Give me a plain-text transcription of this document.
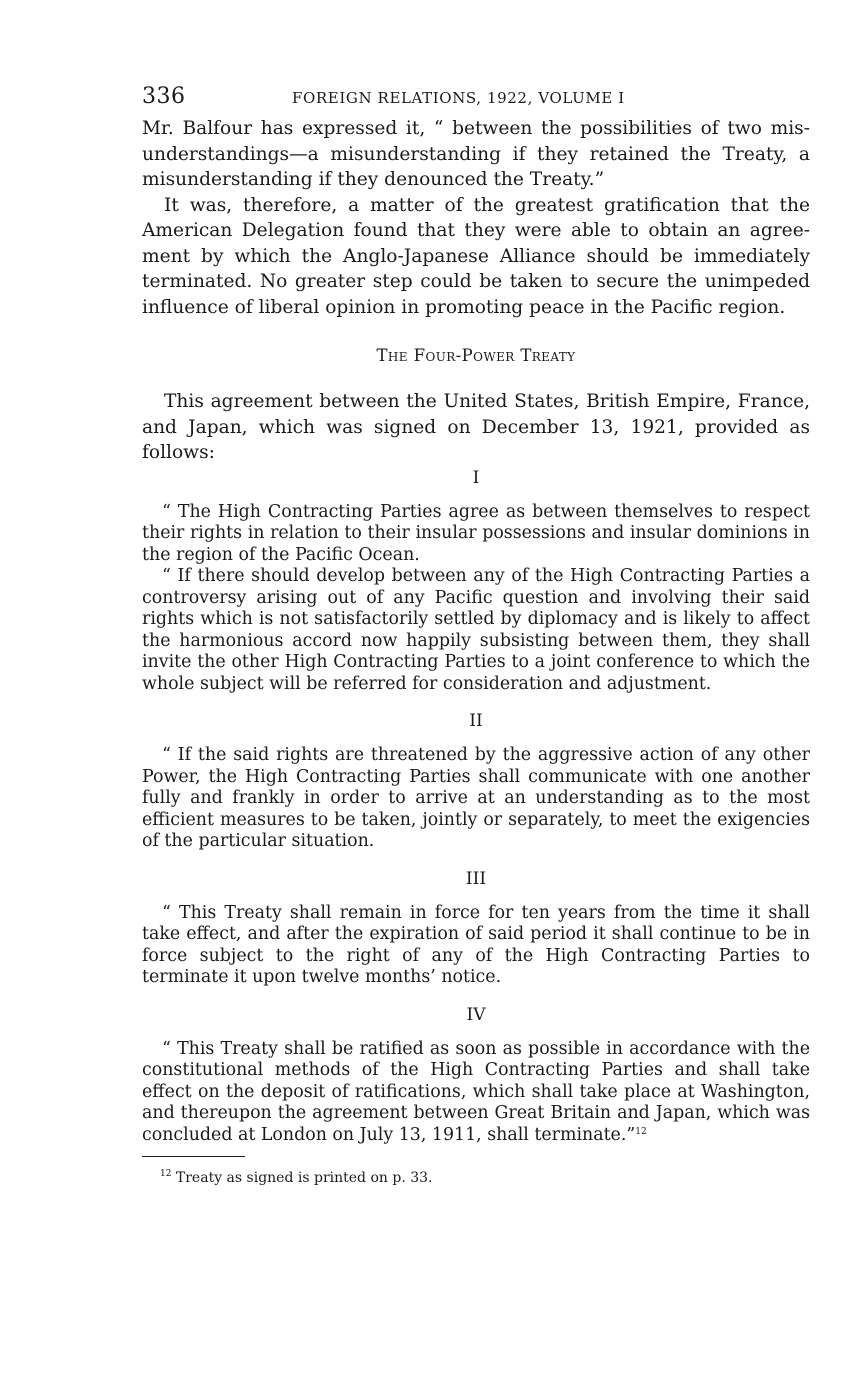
336	FOREIGN RELATIONS, 1922, VOLUME I

Mr. Balfour has expressed it, “ between the possibilities of two misunderstandings—a misunderstanding if they retained the Treaty, a misunderstanding if they denounced the Treaty.”

It was, therefore, a matter of the greatest gratification that the American Delegation found that they were able to obtain an agreement by which the Anglo-Japanese Alliance should be immediately terminated. No greater step could be taken to secure the unimpeded influence of liberal opinion in promoting peace in the Pacific region.

The Four-Power Treaty

This agreement between the United States, British Empire, France, and Japan, which was signed on December 13, 1921, provided as follows:

I

“ The High Contracting Parties agree as between themselves to respect their rights in relation to their insular possessions and insular dominions in the region of the Pacific Ocean.

“ If there should develop between any of the High Contracting Parties a controversy arising out of any Pacific question and involving their said rights which is not satisfactorily settled by diplomacy and is likely to affect the harmonious accord now happily subsisting between them, they shall invite the other High Contracting Parties to a joint conference to which the whole subject will be referred for consideration and adjustment.

II

“ If the said rights are threatened by the aggressive action of any other Power, the High Contracting Parties shall communicate with one another fully and frankly in order to arrive at an understanding as to the most efficient measures to be taken, jointly or separately, to meet the exigencies of the particular situation.

III

“ This Treaty shall remain in force for ten years from the time it shall take effect, and after the expiration of said period it shall continue to be in force subject to the right of any of the High Contracting Parties to terminate it upon twelve months’ notice.

IV

“ This Treaty shall be ratified as soon as possible in accordance with the constitutional methods of the High Contracting Parties and shall take effect on the deposit of ratifications, which shall take place at Washington, and thereupon the agreement between Great Britain and Japan, which was concluded at London on July 13, 1911, shall terminate.”$^{12}$

$^{12}$ Treaty as signed is printed on p. 33.
